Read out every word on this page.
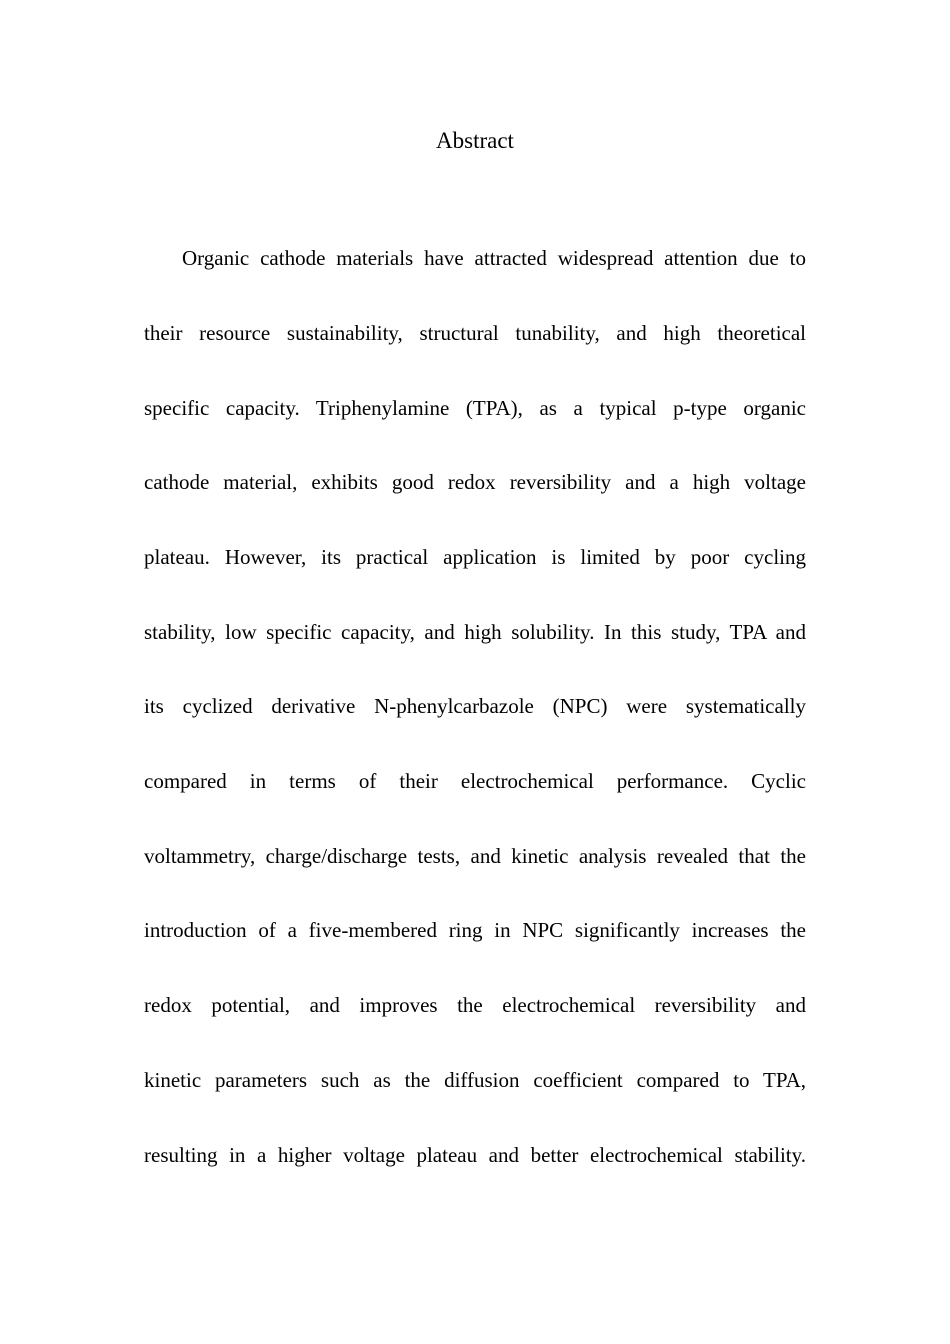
Abstract
Organic cathode materials have attracted widespread attention due to
their resource sustainability, structural tunability, and high theoretical
specific capacity. Triphenylamine (TPA), as a typical p-type organic
cathode material, exhibits good redox reversibility and a high voltage
plateau. However, its practical application is limited by poor cycling
stability, low specific capacity, and high solubility. In this study, TPA and
its cyclized derivative N-phenylcarbazole (NPC) were systematically
compared in terms of their electrochemical performance. Cyclic
voltammetry, charge/discharge tests, and kinetic analysis revealed that the
introduction of a five-membered ring in NPC significantly increases the
redox potential, and improves the electrochemical reversibility and
kinetic parameters such as the diffusion coefficient compared to TPA,
resulting in a higher voltage plateau and better electrochemical stability.
